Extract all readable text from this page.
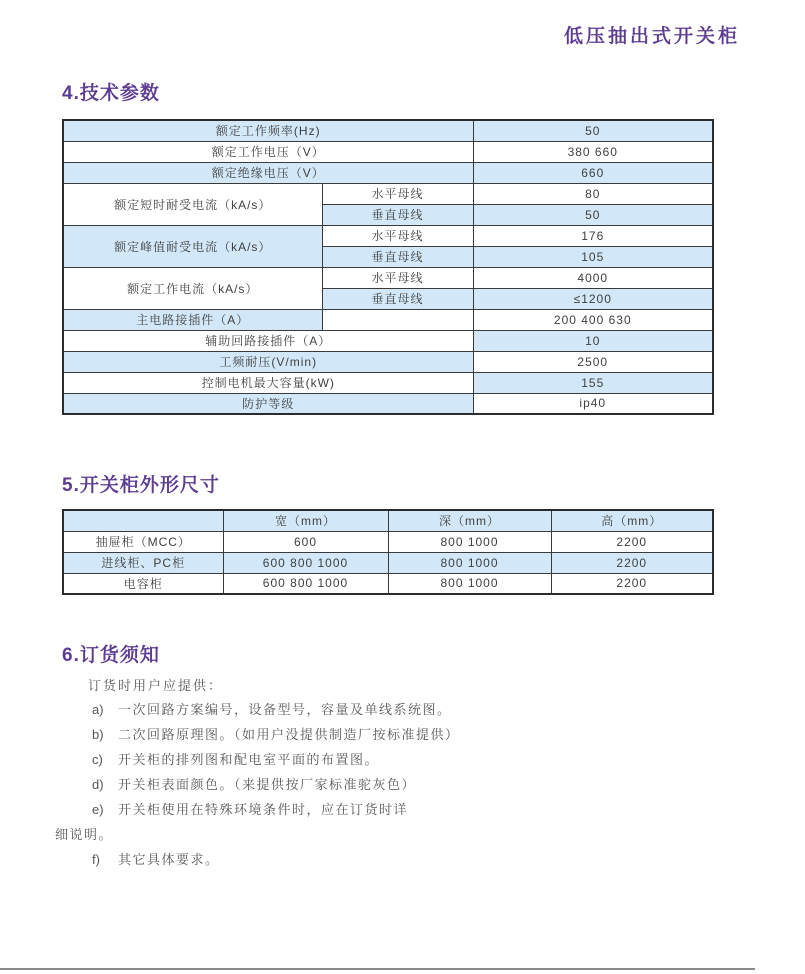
低压抽出式开关柜
4.技术参数
额定工作频率(Hz)		50
额定工作电压（V）		380 660
额定绝缘电压（V）		660
额定短时耐受电流（kA/s）	水平母线	80
	垂直母线	50
额定峰值耐受电流（kA/s）	水平母线	176
	垂直母线	105
额定工作电流（kA/s）	水平母线	4000
	垂直母线	≤1200
主电路接插件（A）		200 400 630
辅助回路接插件（A）		10
工频耐压(V/min)		2500
控制电机最大容量(kW)		155
防护等级		ip40
5.开关柜外形尺寸
	宽（mm）	深（mm）	高（mm）
抽屉柜（MCC）	600	800 1000	2200
进线柜、PC柜	600 800 1000	800 1000	2200
电容柜	600 800 1000	800 1000	2200
6.订货须知
订货时用户应提供：
a) 一次回路方案编号，设备型号，容量及单线系统图。
b) 二次回路原理图。（如用户没提供制造厂按标准提供）
c) 开关柜的排列图和配电室平面的布置图。
d) 开关柜表面颜色。（来提供按厂家标准驼灰色）
e) 开关柜使用在特殊环境条件时，应在订货时详
细说明。
f) 其它具体要求。
